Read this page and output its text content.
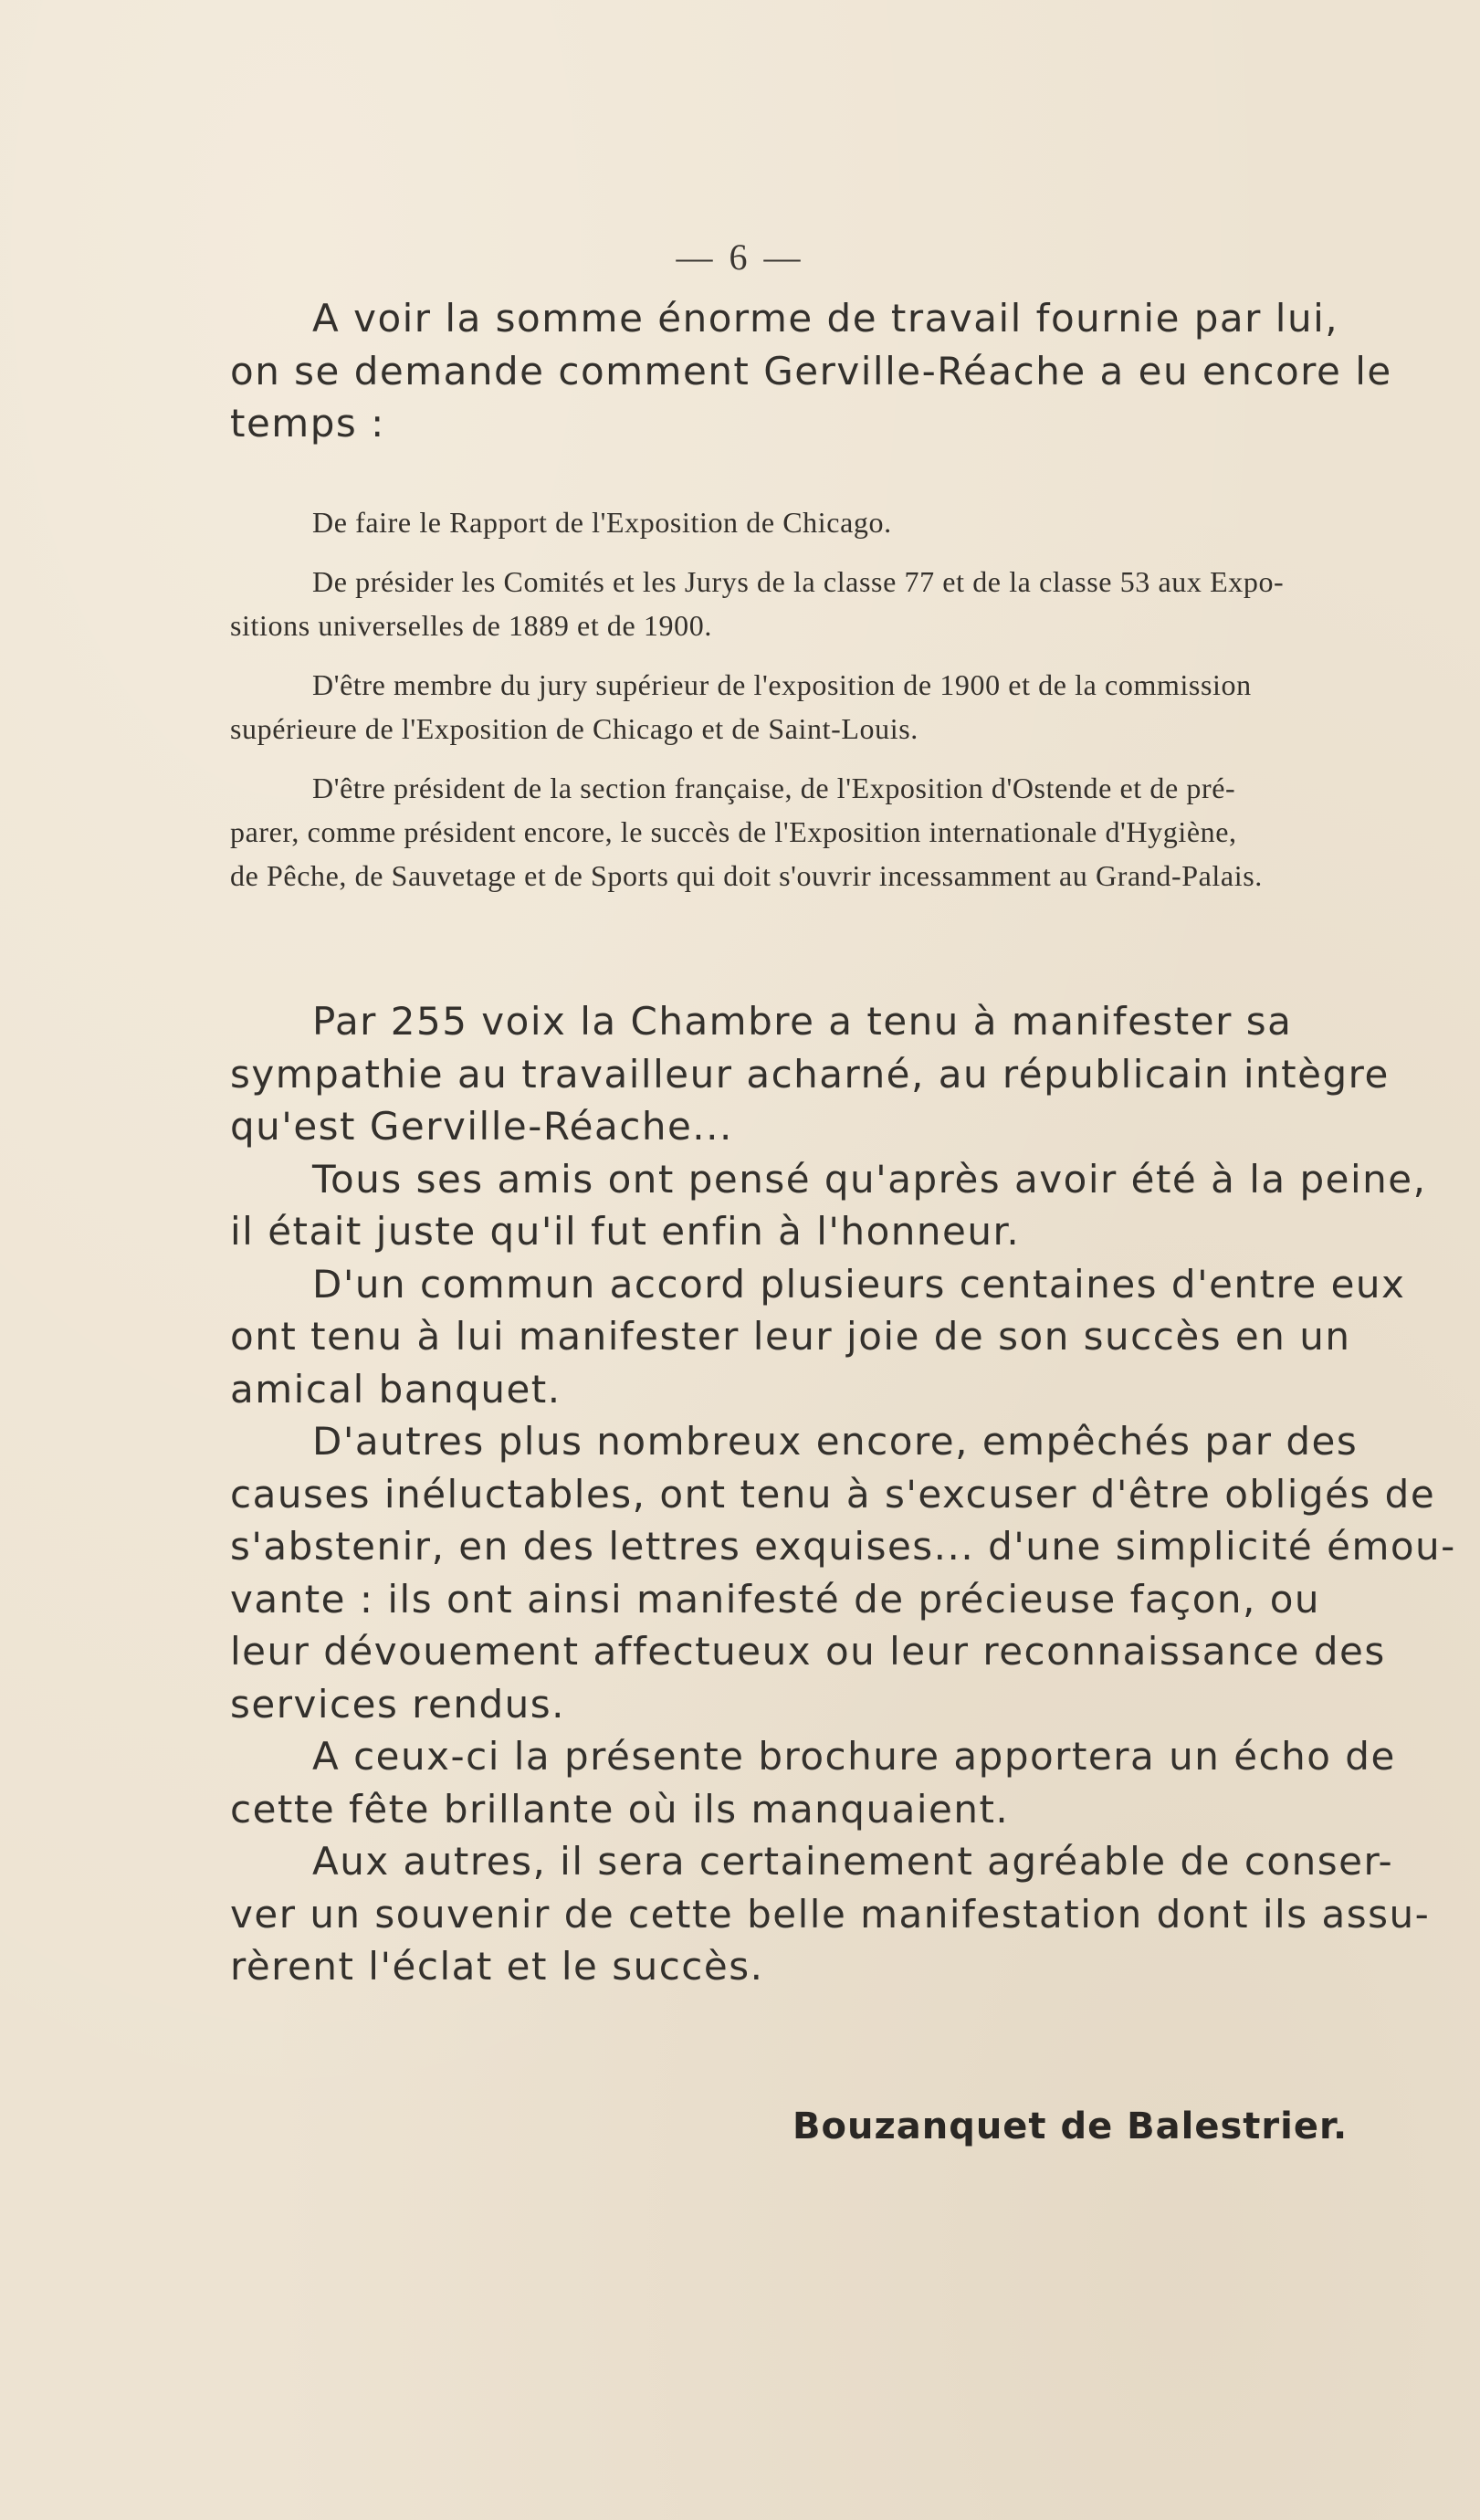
— 6 —
A voir la somme énorme de travail fournie par lui,
on se demande comment Gerville-Réache a eu encore le
temps :
De faire le Rapport de l'Exposition de Chicago.
De présider les Comités et les Jurys de la classe 77 et de la classe 53 aux Expo-
sitions universelles de 1889 et de 1900.
D'être membre du jury supérieur de l'exposition de 1900 et de la commission
supérieure de l'Exposition de Chicago et de Saint-Louis.
D'être président de la section française, de l'Exposition d'Ostende et de pré-
parer, comme président encore, le succès de l'Exposition internationale d'Hygiène,
de Pêche, de Sauvetage et de Sports qui doit s'ouvrir incessamment au Grand-Palais.
Par 255 voix la Chambre a tenu à manifester sa
sympathie au travailleur acharné, au républicain intègre
qu'est Gerville-Réache...
Tous ses amis ont pensé qu'après avoir été à la peine,
il était juste qu'il fut enfin à l'honneur.
D'un commun accord plusieurs centaines d'entre eux
ont tenu à lui manifester leur joie de son succès en un
amical banquet.
D'autres plus nombreux encore, empêchés par des
causes inéluctables, ont tenu à s'excuser d'être obligés de
s'abstenir, en des lettres exquises... d'une simplicité émou-
vante : ils ont ainsi manifesté de précieuse façon, ou
leur dévouement affectueux ou leur reconnaissance des
services rendus.
A ceux-ci la présente brochure apportera un écho de
cette fête brillante où ils manquaient.
Aux autres, il sera certainement agréable de conser-
ver un souvenir de cette belle manifestation dont ils assu-
rèrent l'éclat et le succès.
Bouzanquet de Balestrier.
